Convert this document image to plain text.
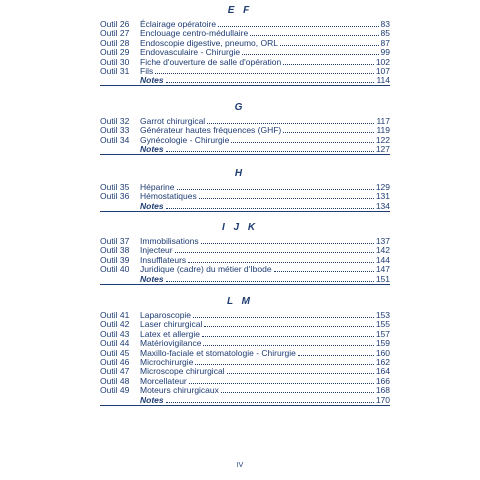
E F
Outil 26	Éclairage opératoire	83
Outil 27	Enclouage centro-médullaire	85
Outil 28	Endoscopie digestive, pneumo, ORL	87
Outil 29	Endovasculaire - Chirurgie	99
Outil 30	Fiche d'ouverture de salle d'opération	102
Outil 31	Fils	107
Notes	114
G
Outil 32	Garrot chirurgical	117
Outil 33	Générateur hautes fréquences (GHF)	119
Outil 34	Gynécologie - Chirurgie	122
Notes	127
H
Outil 35	Héparine	129
Outil 36	Hémostatiques	131
Notes	134
I J K
Outil 37	Immobilisations	137
Outil 38	Injecteur	142
Outil 39	Insufflateurs	144
Outil 40	Juridique (cadre) du métier d'Ibode	147
Notes	151
L M
Outil 41	Laparoscopie	153
Outil 42	Laser chirurgical	155
Outil 43	Latex et allergie	157
Outil 44	Matériovigilance	159
Outil 45	Maxillo-faciale et stomatologie - Chirurgie	160
Outil 46	Microchirurgie	162
Outil 47	Microscope chirurgical	164
Outil 48	Morcellateur	166
Outil 49	Moteurs chirurgicaux	168
Notes	170
IV
